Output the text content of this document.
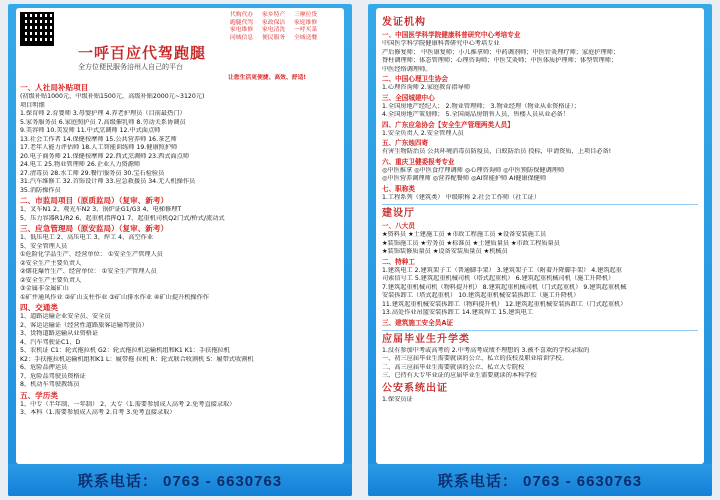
一呼百应代驾跑腿
全方位便民服务涪州人自己的平台
代购代办	家乡特产	三摩拉货
跑腿代驾	家政保洁	家庭维修
家电维修	家电清洗	一呼买菜
同城信息	便民服务	全城送餐
让您生活更便捷、高效、舒适!
一、人社局补贴项目
(初级补贴1000元，中级补贴1500元，高级补贴2000元~3120元)
项目明细
1.保育师 2.育婴师 3.母婴护理 4.养老护理员（目前最热门）
5.家务服务员 6.家庭照护员 7.高级催乳师 8.劳动关系协调员
9.美容师 10.美发师 11.中式烹调师 12.中式面点师
13.社会工作者 14.保健按摩师 15.公共营养师 16.茶艺师
17.老年人能力评估师 18.人工智能训练师 19.健康照护师
20.电子商务师 21.保健按摩师 22.西式烹调师 23.西式面点师
24.电工 25.物业管理师 26.企业人力资源师
27.清毒员 28.水工师 29.餐厅服务员 30.宝石检验员
31.汽车维修工 32.首饰设计师 33.应急救援员 34.无人机操作员
35.消防操作员
二、市监局项目（原质监局）（复审、新考）
1、叉车N1 2、观光车N2 3、锅炉证G1/G3 4、电梯修理T
5、压力容器R1/R2 6、起重机指挥Q1 7、起重机司机Q2门式/桥式/流动式
三、应急管理局（原安监局）（复审、新考）
1、低压电工 2、高压电工 3、焊工 4、高空作业
5、安全管理人员
①危险化学品生产、经营单位： ①安全生产管理人员
②安全生产主要负责人
②烟花爆竹生产、经营单位： ①安全生产管理人员
②安全生产主要负责人
③金属非金属矿山
①矿井通风作业 ②矿山支柱作业 ③矿山排水作业 ④矿山提升机操作作
四、交通类
1、道路运输企业安全员、安全员
2、客运运输证（经营性道路旅客运输驾驶员）
3、货物道路运输从业资格证
4、汽车驾驶证C1、D
5、农机证 C1：轮式拖拉机 G2：轮式拖拉机运输机组和K1 K1：手扶拖拉机
K2：手扶拖拉机运输机组和K1 L：履带拖 拉机 R：轮式联合收割机 S：履带式收割机
6、危险品押运员
7、危险品驾驶员资格证
8、机动车驾驶教练员
五、学历类
1、中专（半年制、一年制） 2、大专（1.需要参加成人高考 2.免考直接录取）
3、本科（1.需要参加成人高考 2.自考 3.免考直接录取）
联系电话： 0763 - 6630763
发证机构
一、中国医学科学院健康科普研究中心考培专业
中国医学科学院健康科普研究中心考培专业
产后修复师； 中医康复师；小儿推拿师；中药调剂师；中医针灸理疗师；家庭护理师；
脊柱调理师；体态管理师；心理咨询师；中医艾灸师；中医体质护理师；体型管理师；
中医经络调理师。
二、中国心理卫生协会
1.心理咨询师 2.家庭教育指导师
三、全国城建中心
1.全国房地产经纪人； 2.物业管理师； 3.物业经理（物业从业资格证）；
4.全国房地产策划师； 5.全国商品房销售人员，售楼人员从业必备！
四、广东应急协会【安全生产管理两类人员】
1.安全负责人 2.安全管理人员
五、广东烛四寄
有害生物防治员 公共环境消毒员防疫员，白蚁防治员 投标，申请资质，上项目必备!
六、重庆卫健委报考专业
◎中医推拿 ◎中医食疗理调师 ◎心理咨询师 ◎中医预防保健调理师
◎中医营养调理师 ◎营养配餐师 ◎AI智能护师 AI健康保健师
七、职称类
1.工程系列（建筑类） 中级职称 2.社会工作师（社工证）
建设厅
一、八大员
★资料员 ★土建施工员 ★市政工程施工员 ★设备安装施工员
★装饰施工员 ★劳务员 ★标准员 ★土建质量员 ★市政工程质量员
★装饰装修质量员 ★设备安装质量员 ★机械员
二、特种工
1.建筑电工 2.建筑架子工（普通脚手架） 3.建筑架子工（附着升降脚手架） 4.建筑起重
司索信号工 5.建筑起重机械司机（塔式起重机） 6.建筑起重机械司机（施工升降机）
7.建筑起重机械司机（物料提升机） 8.建筑起重机械司机（门式起重机） 9.建筑起重机械
安装拆卸工（塔式起重机） 10.建筑起重机械安装拆卸工（施工升降机）
11.建筑起重机械安装拆卸工（物料提升机） 12.建筑起重机械安装拆卸工（门式起重机）
13.高处作业吊篮安装拆卸工 14.建筑焊工 15.建筑电工
三、建筑施工安全员A证
应届毕业生升学类
1.没有参加中考或高考的 2.中考高考成绩不理想的 3.被不喜欢的学校录取的
一、初三应届毕业生需要就读的公立、私立的技校及职业培训学校。
二、高三应届毕业生需要就读的公立、私立大专院校
三、已持有大专毕业证的应届毕业生需要就读的本科学校
公安系统出证
1.保安员证
联系电话： 0763 - 6630763
